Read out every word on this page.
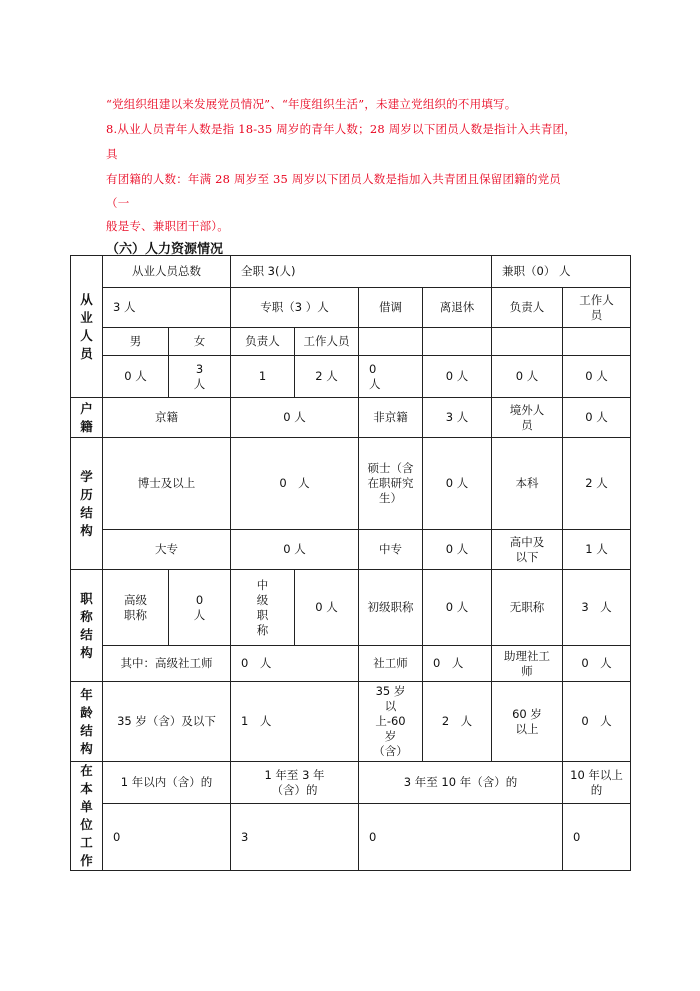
“党组织组建以来发展党员情况”、“年度组织生活”，未建立党组织的不用填写。
8.从业人员青年人数是指 18-35 周岁的青年人数；28 周岁以下团员人数是指计入共青团，
具
有团籍的人数：年满 28 周岁至 35 周岁以下团员人数是指加入共青团且保留团籍的党员
（一
般是专、兼职团干部）。
（六）人力资源情况
从业人员	从业人员总数		全职 3(人)				兼职（0） 人	
	3 人		专职（3 ）人		借调	离退休	负责人	工作人员
	男	女	负责人	工作人员				
	0 人	3 人	1	2 人	0 人	0 人	0 人	0 人
户籍	京籍		0 人		非京籍	3 人	境外人员	0 人
学历结构	博士及以上		0　人		硕士（含在职研究生）	0 人	本科	2 人
	大专		0 人		中专	0 人	高中及以下	1 人
职称结构	高级职称	0 人	中级职称	0 人	初级职称	0 人	无职称	3　人
	其中：高级社工师		0　人		社工师	0　人	助理社工师	0　人
年龄结构	35 岁（含）及以下		1　人		35 岁以上-60 岁（含）	2　人	60 岁以上	0　人
在本单位工作	1 年以内（含）的		1 年至 3 年（含）的		3 年至 10 年（含）的			10 年以上的
	0		3		0			0
